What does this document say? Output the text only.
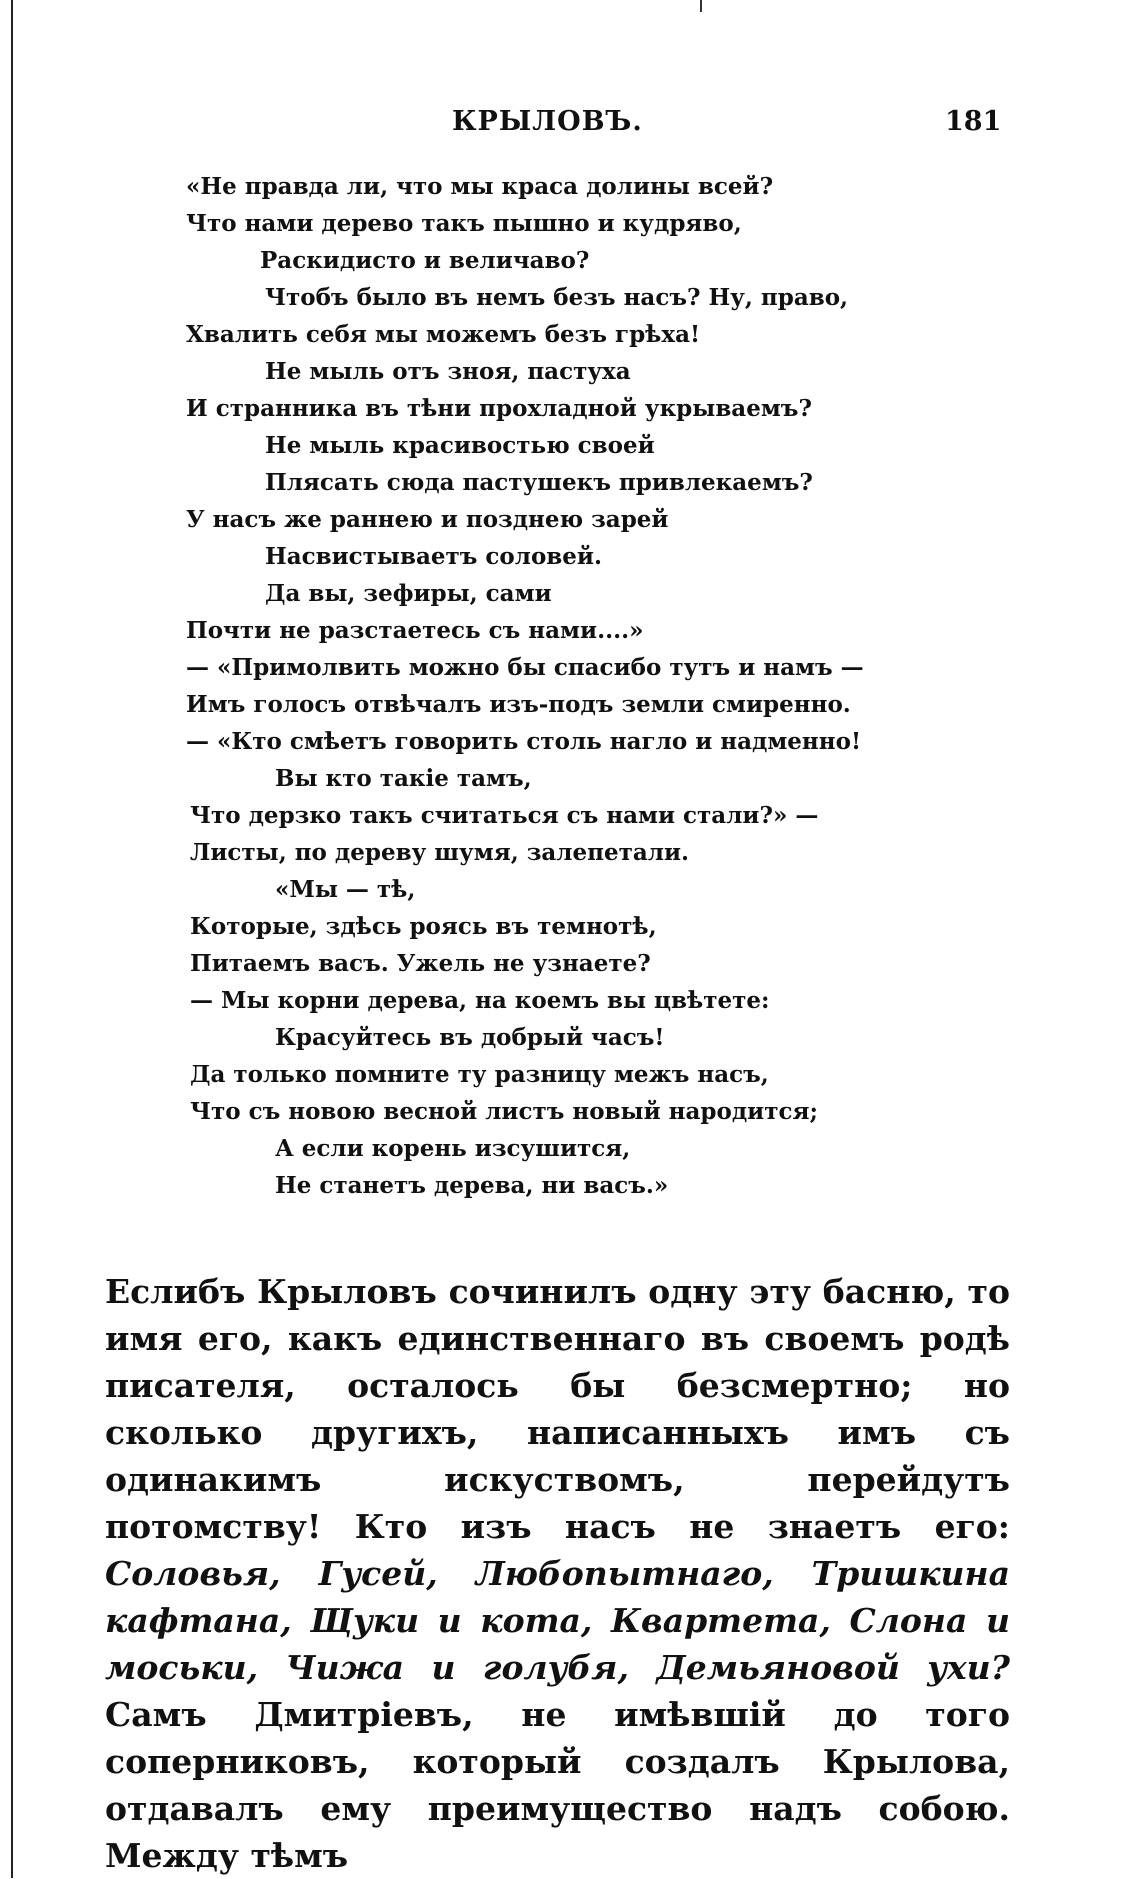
КРЫЛОВЪ.	181
«Не правда ли, что мы краса долины всей?
Что нами дерево такъ пышно и кудряво,
Раскидисто и величаво?
Чтобъ было въ немъ безъ насъ? Ну, право,
Хвалить себя мы можемъ безъ грѣха!
Не мыль отъ зноя, пастуха
И странника въ тѣни прохладной укрываемъ?
Не мыль красивостью своей
Плясать сюда пастушекъ привлекаемъ?
У насъ же раннею и позднею зарей
Насвистываетъ соловей.
Да вы, зефиры, сами
Почти не разстаетесь съ нами....»
— «Примолвить можно бы спасибо тутъ и намъ —
Имъ голосъ отвѣчалъ изъ-подъ земли смиренно.
— «Кто смѣетъ говорить столь нагло и надменно!
Вы кто такіе тамъ,
Что дерзко такъ считаться съ нами стали?» —
Листы, по дереву шумя, залепетали.
«Мы — тѣ,
Которые, здѣсь роясь въ темнотѣ,
Питаемъ васъ. Ужель не узнаете?
— Мы корни дерева, на коемъ вы цвѣтете:
Красуйтесь въ добрый часъ!
Да только помните ту разницу межъ насъ,
Что съ новою весной листъ новый народится;
А если корень изсушится,
Не станетъ дерева, ни васъ.»
Еслибъ Крыловъ сочинилъ одну эту басню, то имя его, какъ единственнаго въ своемъ родѣ писателя, осталось бы безсмертно; но сколько другихъ, написанныхъ имъ съ одинакимъ искуствомъ, перейдутъ потомству! Кто изъ насъ не знаетъ его: Соловья, Гусей, Любопытнаго, Тришкина кафтана, Щуки и кота, Квартета, Слона и моськи, Чижа и голубя, Демьяновой ухи? Самъ Дмитріевъ, не имѣвшій до того соперниковъ, который создалъ Крылова, отдавалъ ему преимущество надъ собою. Между тѣмъ
